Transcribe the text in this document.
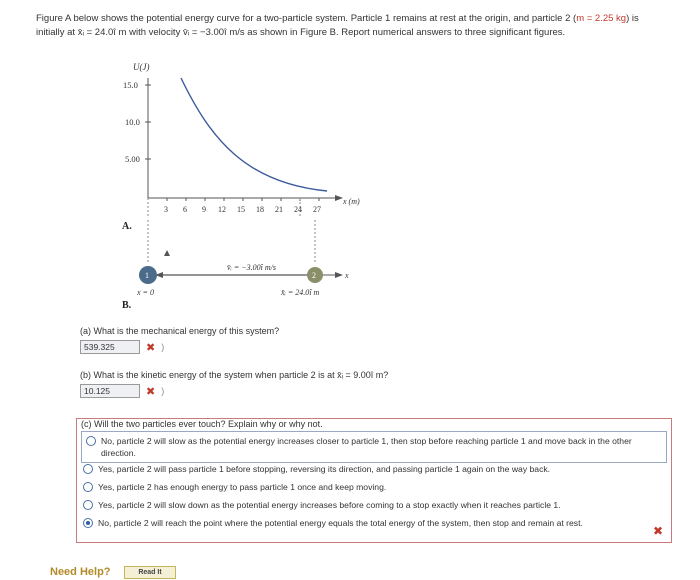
Figure A below shows the potential energy curve for a two-particle system. Particle 1 remains at rest at the origin, and particle 2 (m = 2.25 kg) is
initially at x̄ᵢ = 24.0î m with velocity v̄ᵢ = −3.00î m/s as shown in Figure B. Report numerical answers to three significant figures.
U(J)
15.0
10.0
5.00
x (m)
3 6 9 12 15 18 21 24 27
A.
x
v̄ᵢ = −3.00î m/s
1	2
x = 0	x̄ᵢ = 24.0î m
B.
(a) What is the mechanical energy of this system?
539.325	✖ )
(b) What is the kinetic energy of the system when particle 2 is at x̄ᵢ = 9.00î m?
10.125	✖ )
(c) Will the two particles ever touch? Explain why or why not.
No, particle 2 will slow as the potential energy increases closer to particle 1, then stop before reaching particle 1 and move back in the other direction.
Yes, particle 2 will pass particle 1 before stopping, reversing its direction, and passing particle 1 again on the way back.
Yes, particle 2 has enough energy to pass particle 1 once and keep moving.
Yes, particle 2 will slow down as the potential energy increases before coming to a stop exactly when it reaches particle 1.
No, particle 2 will reach the point where the potential energy equals the total energy of the system, then stop and remain at rest.
✖
Need Help?	Read It
